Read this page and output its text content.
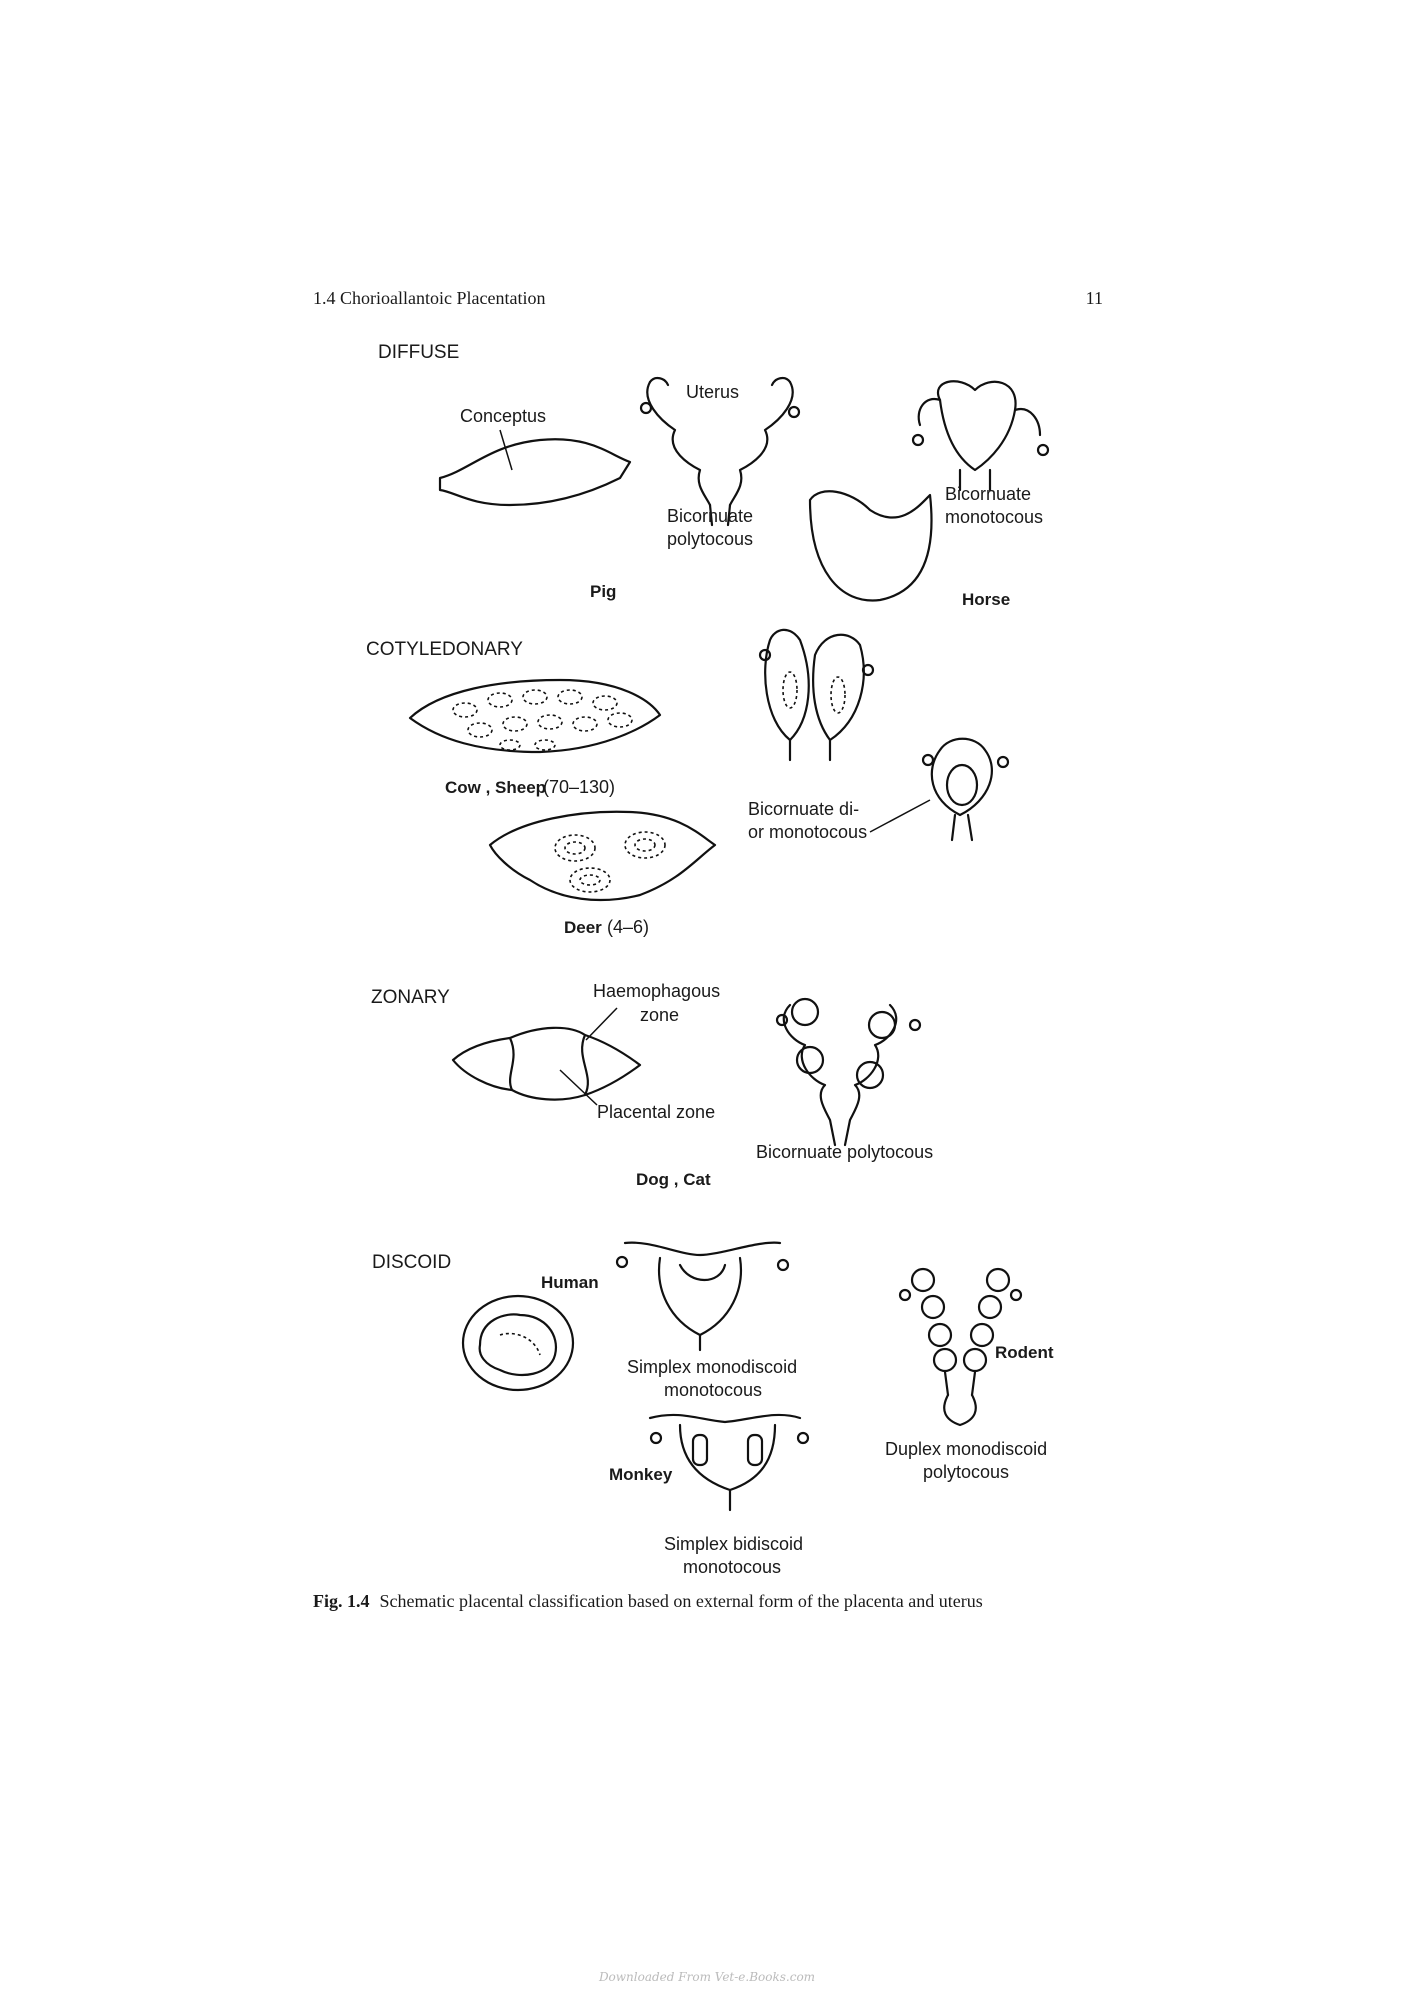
1.4 Chorioallantoic Placentation	11
DIFFUSE
Conceptus
Uterus
Bicornuate
polytocous
Pig
Bicornuate
monotocous
Horse
COTYLEDONARY
Cow , Sheep
(70–130)
Deer (4–6)
Bicornuate di-
or monotocous
ZONARY	Haemophagous
zone
Placental zone
Bicornuate polytocous
Dog , Cat
DISCOID
Human
Simplex monodiscoid
monotocous
Monkey
Simplex bidiscoid
monotocous
Rodent
Duplex monodiscoid
polytocous
Fig. 1.4 Schematic placental classification based on external form of the placenta and uterus
Downloaded From Vet-e.Books.com
